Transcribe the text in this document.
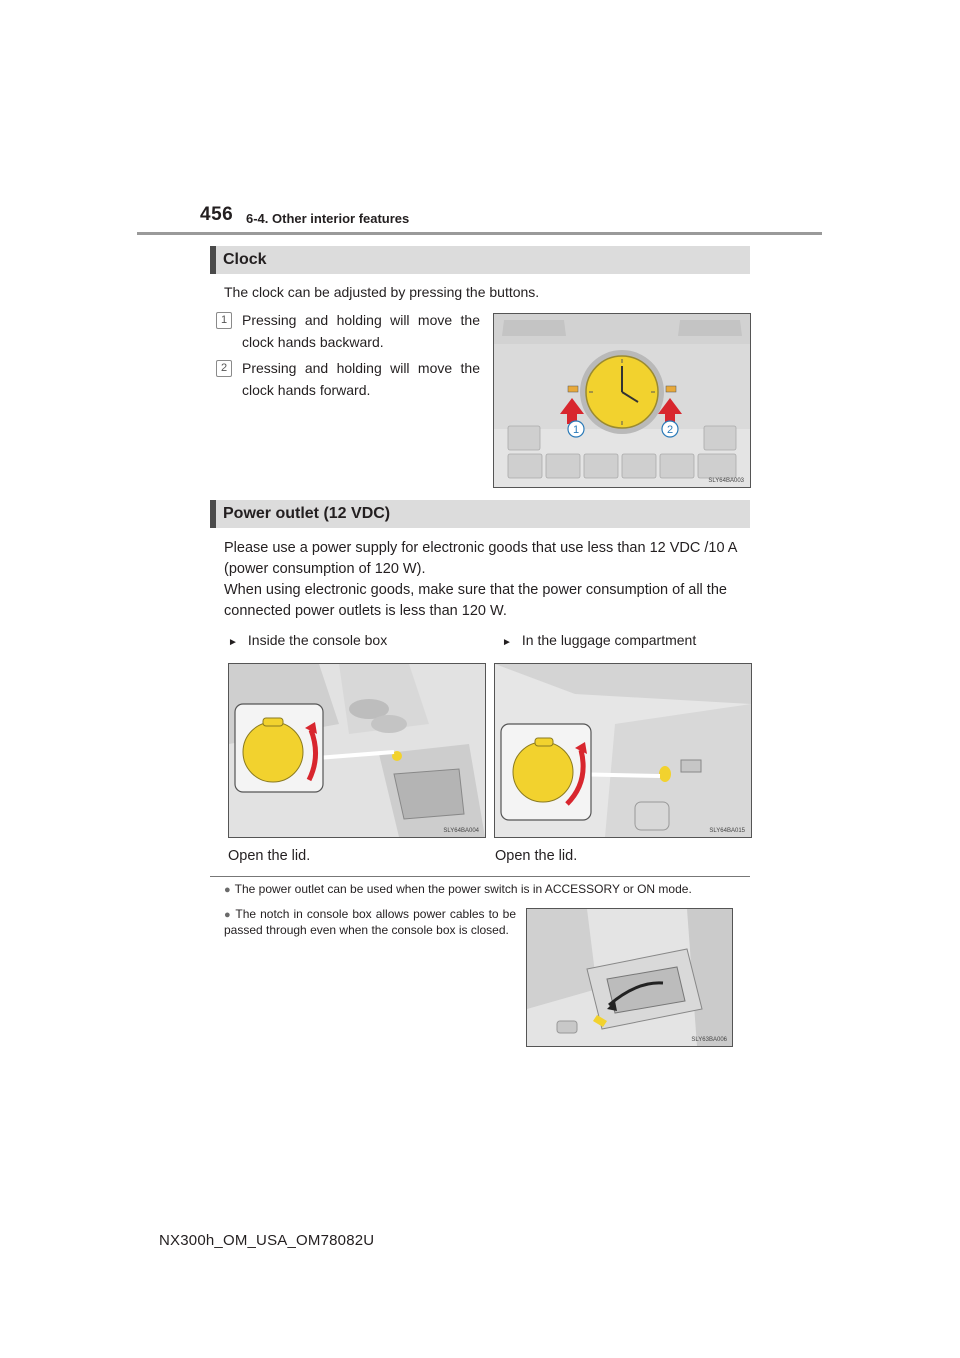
456 6-4. Other interior features
Clock
The clock can be adjusted by pressing the buttons.
1	Pressing and holding will move the clock hands backward.
2	Pressing and holding will move the clock hands forward.
1	2
SLY64BA003
Power outlet (12 VDC)
Please use a power supply for electronic goods that use less than 12 VDC /10 A (power consumption of 120 W).
When using electronic goods, make sure that the power consumption of all the connected power outlets is less than 120 W.
► Inside the console box	► In the luggage compartment
SLY64BA004	SLY64BA015
Open the lid.	Open the lid.
● The power outlet can be used when the power switch is in ACCESSORY or ON mode.
● The notch in console box allows power cables to be passed through even when the console box is closed.
SLY63BA006
NX300h_OM_USA_OM78082U
